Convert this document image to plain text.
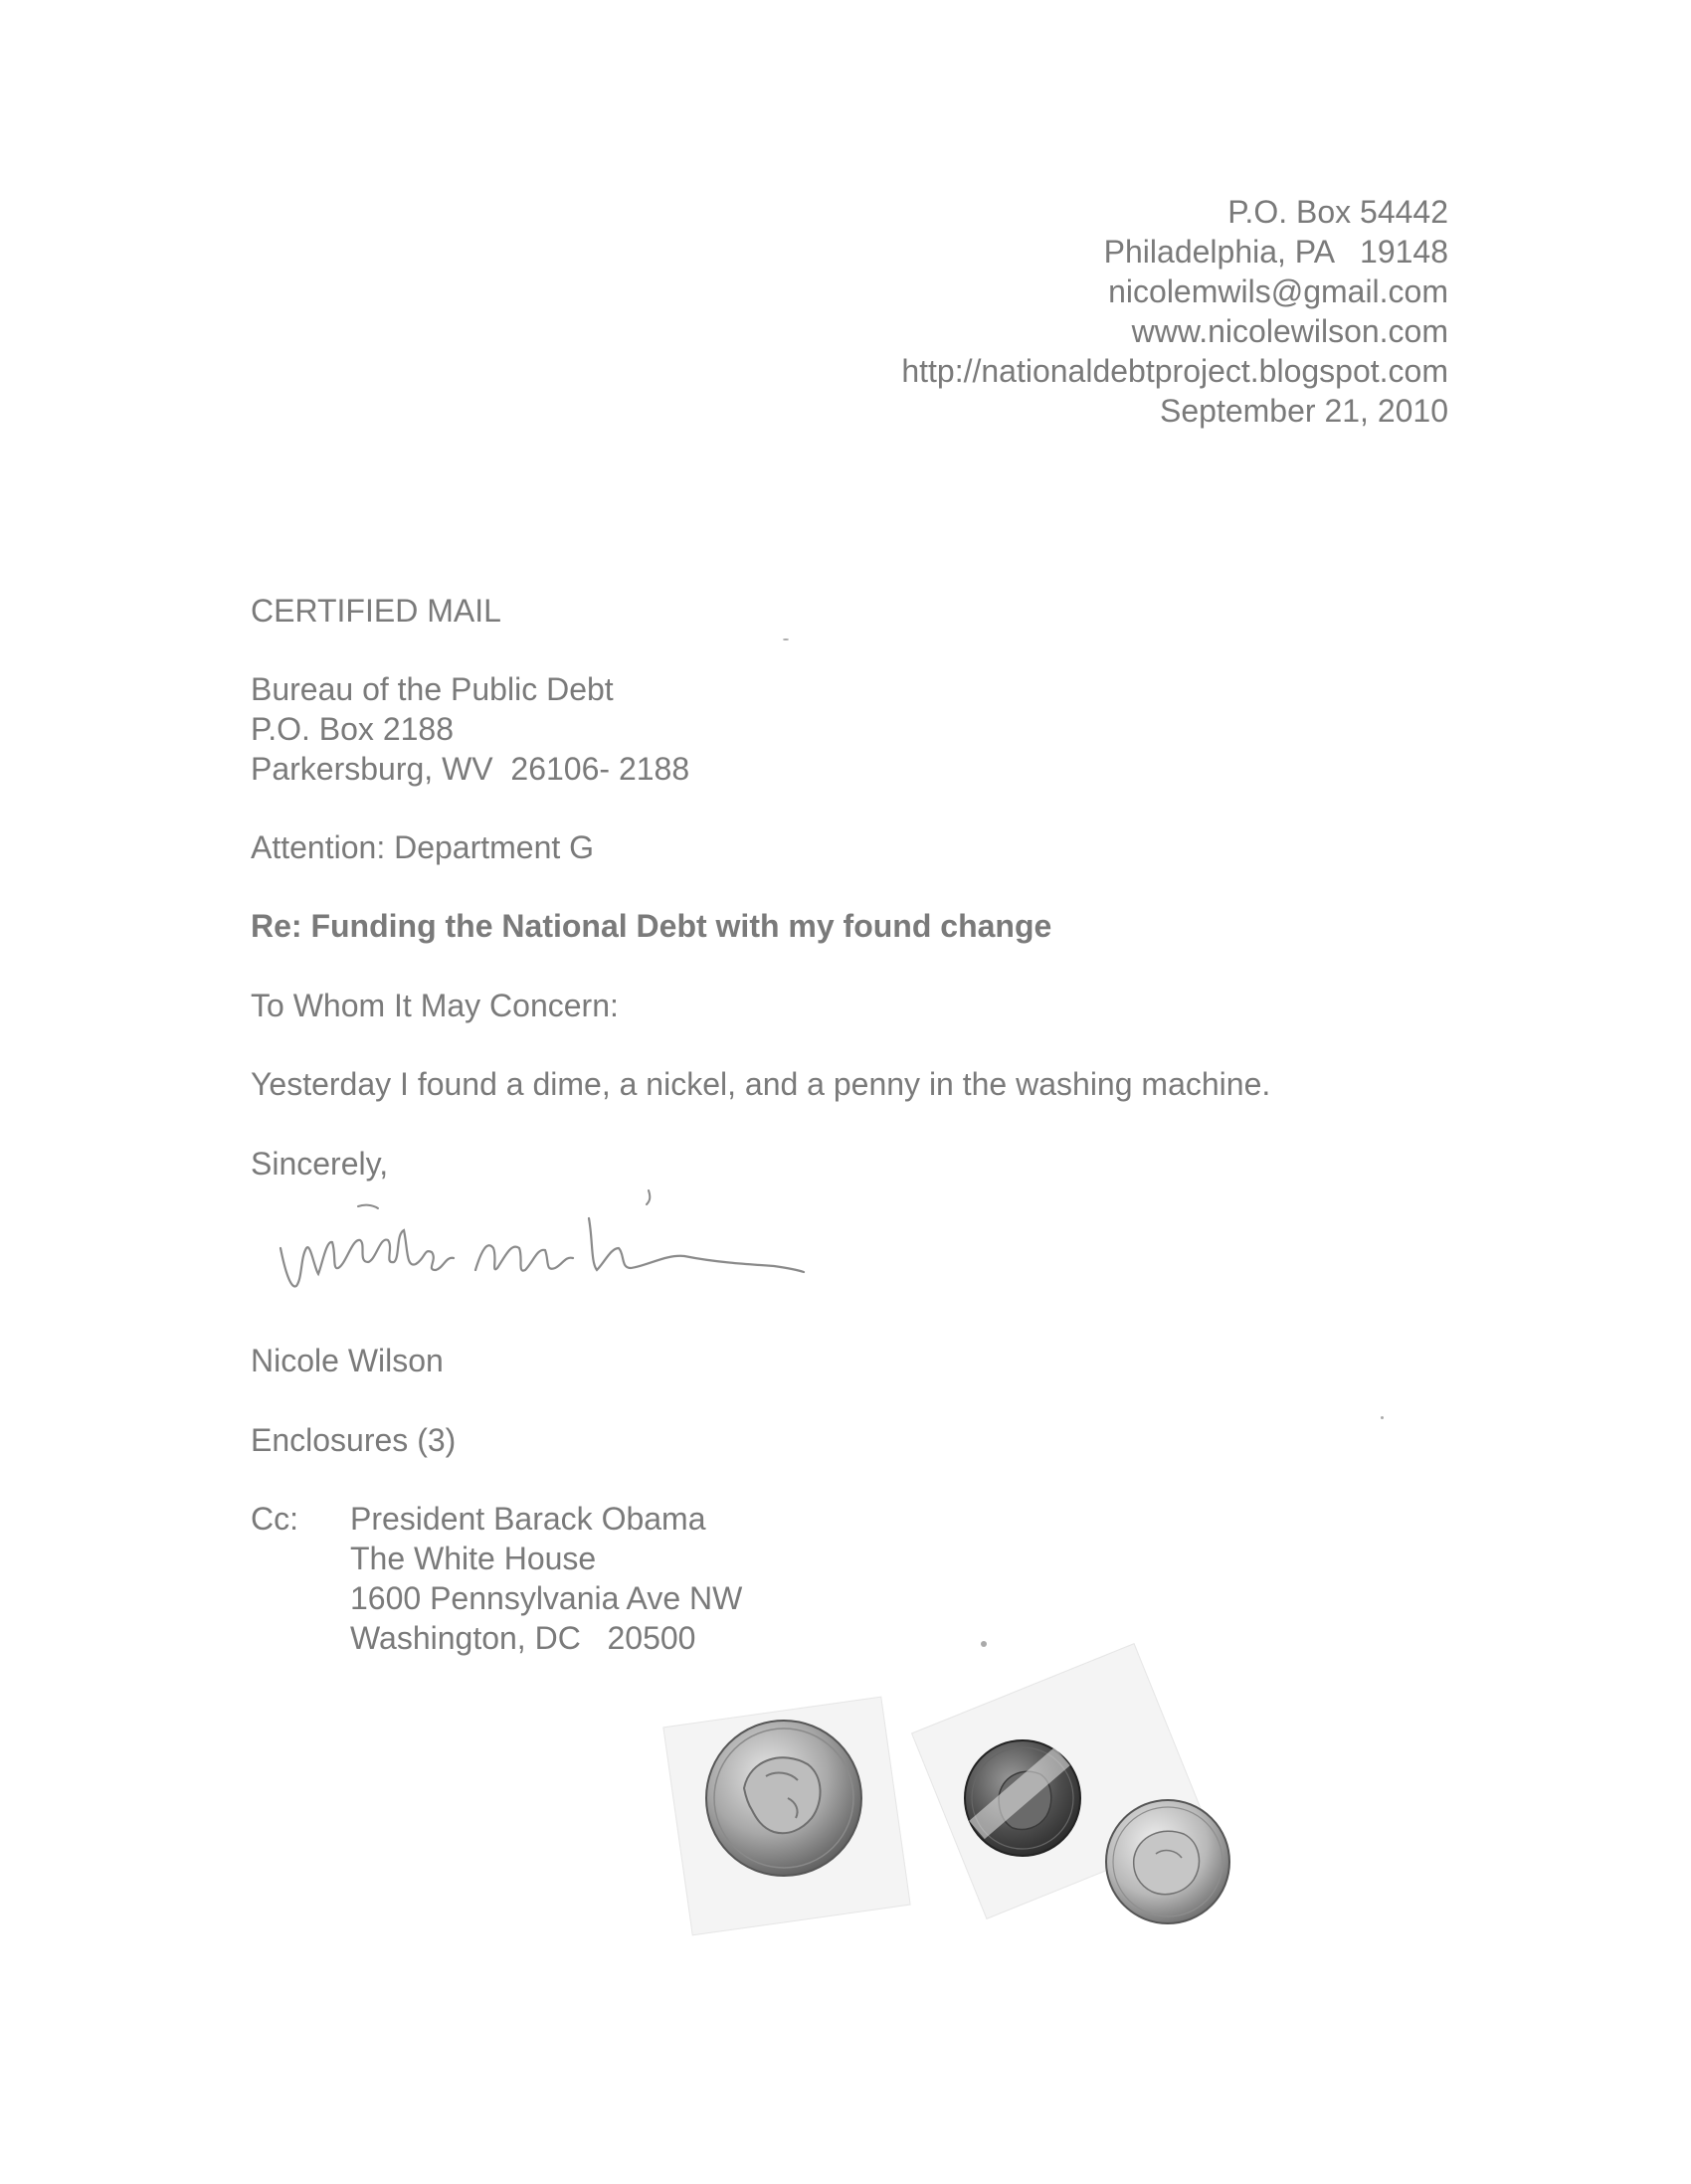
P.O. Box 54442
Philadelphia, PA   19148
nicolemwils@gmail.com
www.nicolewilson.com
http://nationaldebtproject.blogspot.com
September 21, 2010
CERTIFIED MAIL
Bureau of the Public Debt
P.O. Box 2188
Parkersburg, WV  26106- 2188
Attention: Department G
Re: Funding the National Debt with my found change
To Whom It May Concern:
Yesterday I found a dime, a nickel, and a penny in the washing machine.
Sincerely,
Nicole Wilson
Enclosures (3)
Cc: President Barack Obama
The White House
1600 Pennsylvania Ave NW
Washington, DC   20500
